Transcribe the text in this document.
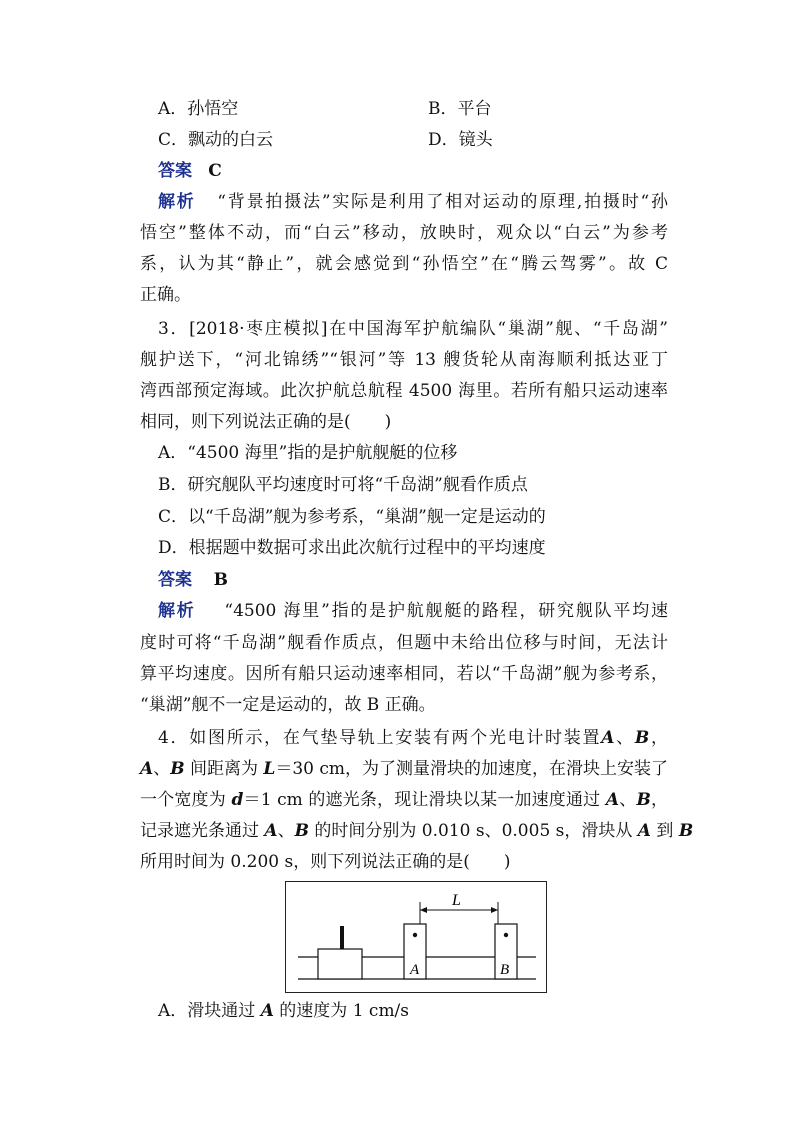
A．孙悟空	B．平台
C．飘动的白云	D．镜头
答案 C
解析 “背景拍摄法”实际是利用了相对运动的原理,拍摄时“孙
悟空”整体不动，而“白云”移动，放映时，观众以“白云”为参考
系，认为其“静止”，就会感觉到“孙悟空”在“腾云驾雾”。故 C
正确。
3．[2018·枣庄模拟]在中国海军护航编队“巢湖”舰、“千岛湖”
舰护送下，“河北锦绣”“银河”等 13 艘货轮从南海顺利抵达亚丁
湾西部预定海域。此次护航总航程 4500 海里。若所有船只运动速率
相同，则下列说法正确的是(　　)
A．“4500 海里”指的是护航舰艇的位移
B．研究舰队平均速度时可将“千岛湖”舰看作质点
C．以“千岛湖”舰为参考系，“巢湖”舰一定是运动的
D．根据题中数据可求出此次航行过程中的平均速度
答案 B
解析 “4500 海里”指的是护航舰艇的路程，研究舰队平均速
度时可将“千岛湖”舰看作质点，但题中未给出位移与时间，无法计
算平均速度。因所有船只运动速率相同，若以“千岛湖”舰为参考系，
“巢湖”舰不一定是运动的，故 B 正确。
4．如图所示，在气垫导轨上安装有两个光电计时装置A、B，
A、B 间距离为 L＝30 cm，为了测量滑块的加速度，在滑块上安装了
一个宽度为 d＝1 cm 的遮光条，现让滑块以某一加速度通过 A、B，
记录遮光条通过 A、B 的时间分别为 0.010 s、0.005 s，滑块从 A 到 B
所用时间为 0.200 s，则下列说法正确的是(　　)
A	B
L
A．滑块通过 A 的速度为 1 cm/s
